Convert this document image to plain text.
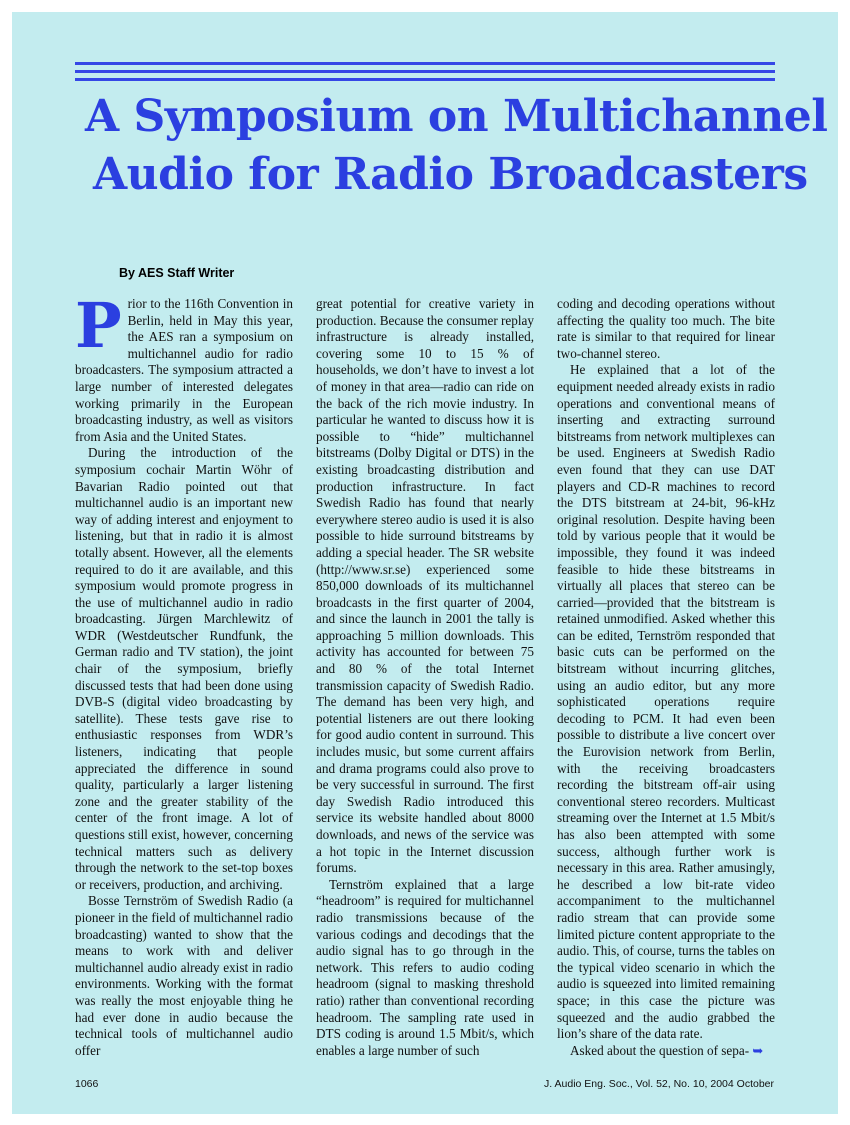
A Symposium on Multichannel
Audio for Radio Broadcasters
By AES Staff Writer

Prior to the 116th Convention in Berlin, held in May this year, the AES ran a symposium on multichannel audio for radio broadcasters. The symposium attracted a large number of interested delegates working primarily in the European broadcasting industry, as well as visitors from Asia and the United States.

During the introduction of the symposium cochair Martin Wöhr of Bavarian Radio pointed out that multichannel audio is an important new way of adding interest and enjoyment to listening, but that in radio it is almost totally absent. However, all the elements required to do it are available, and this symposium would promote progress in the use of multichannel audio in radio broadcasting. Jürgen Marchlewitz of WDR (Westdeutscher Rundfunk, the German radio and TV station), the joint chair of the symposium, briefly discussed tests that had been done using DVB-S (digital video broadcasting by satellite). These tests gave rise to enthusiastic responses from WDR’s listeners, indicating that people appreciated the difference in sound quality, particularly a larger listening zone and the greater stability of the center of the front image. A lot of questions still exist, however, concerning technical matters such as delivery through the network to the set-top boxes or receivers, production, and archiving.

Bosse Ternström of Swedish Radio (a pioneer in the field of multichannel radio broadcasting) wanted to show that the means to work with and deliver multichannel audio already exist in radio environments. Working with the format was really the most enjoyable thing he had ever done in audio because the technical tools of multichannel audio offer

great potential for creative variety in production. Because the consumer replay infrastructure is already installed, covering some 10 to 15 % of households, we don’t have to invest a lot of money in that area—radio can ride on the back of the rich movie industry. In particular he wanted to discuss how it is possible to “hide” multichannel bitstreams (Dolby Digital or DTS) in the existing broadcasting distribution and production infrastructure. In fact Swedish Radio has found that nearly everywhere stereo audio is used it is also possible to hide surround bitstreams by adding a special header. The SR website (http://www.sr.se) experienced some 850,000 downloads of its multichannel broadcasts in the first quarter of 2004, and since the launch in 2001 the tally is approaching 5 million downloads. This activity has accounted for between 75 and 80 % of the total Internet transmission capacity of Swedish Radio. The demand has been very high, and potential listeners are out there looking for good audio content in surround. This includes music, but some current affairs and drama programs could also prove to be very successful in surround. The first day Swedish Radio introduced this service its website handled about 8000 downloads, and news of the service was a hot topic in the Internet discussion forums.

Ternström explained that a large “headroom” is required for multichannel radio transmissions because of the various codings and decodings that the audio signal has to go through in the network. This refers to audio coding headroom (signal to masking threshold ratio) rather than conventional recording headroom. The sampling rate used in DTS coding is around 1.5 Mbit/s, which enables a large number of such

coding and decoding operations without affecting the quality too much. The bite rate is similar to that required for linear two-channel stereo.

He explained that a lot of the equipment needed already exists in radio operations and conventional means of inserting and extracting surround bitstreams from network multiplexes can be used. Engineers at Swedish Radio even found that they can use DAT players and CD-R machines to record the DTS bitstream at 24-bit, 96-kHz original resolution. Despite having been told by various people that it would be impossible, they found it was indeed feasible to hide these bitstreams in virtually all places that stereo can be carried—provided that the bitstream is retained unmodified. Asked whether this can be edited, Ternström responded that basic cuts can be performed on the bitstream without incurring glitches, using an audio editor, but any more sophisticated operations require decoding to PCM. It had even been possible to distribute a live concert over the Eurovision network from Berlin, with the receiving broadcasters recording the bitstream off-air using conventional stereo recorders. Multicast streaming over the Internet at 1.5 Mbit/s has also been attempted with some success, although further work is necessary in this area. Rather amusingly, he described a low bit-rate video accompaniment to the multichannel radio stream that can provide some limited picture content appropriate to the audio. This, of course, turns the tables on the typical video scenario in which the audio is squeezed into limited remaining space; in this case the picture was squeezed and the audio grabbed the lion’s share of the data rate.

Asked about the question of sepa- ➥

1066	J. Audio Eng. Soc., Vol. 52, No. 10, 2004 October
